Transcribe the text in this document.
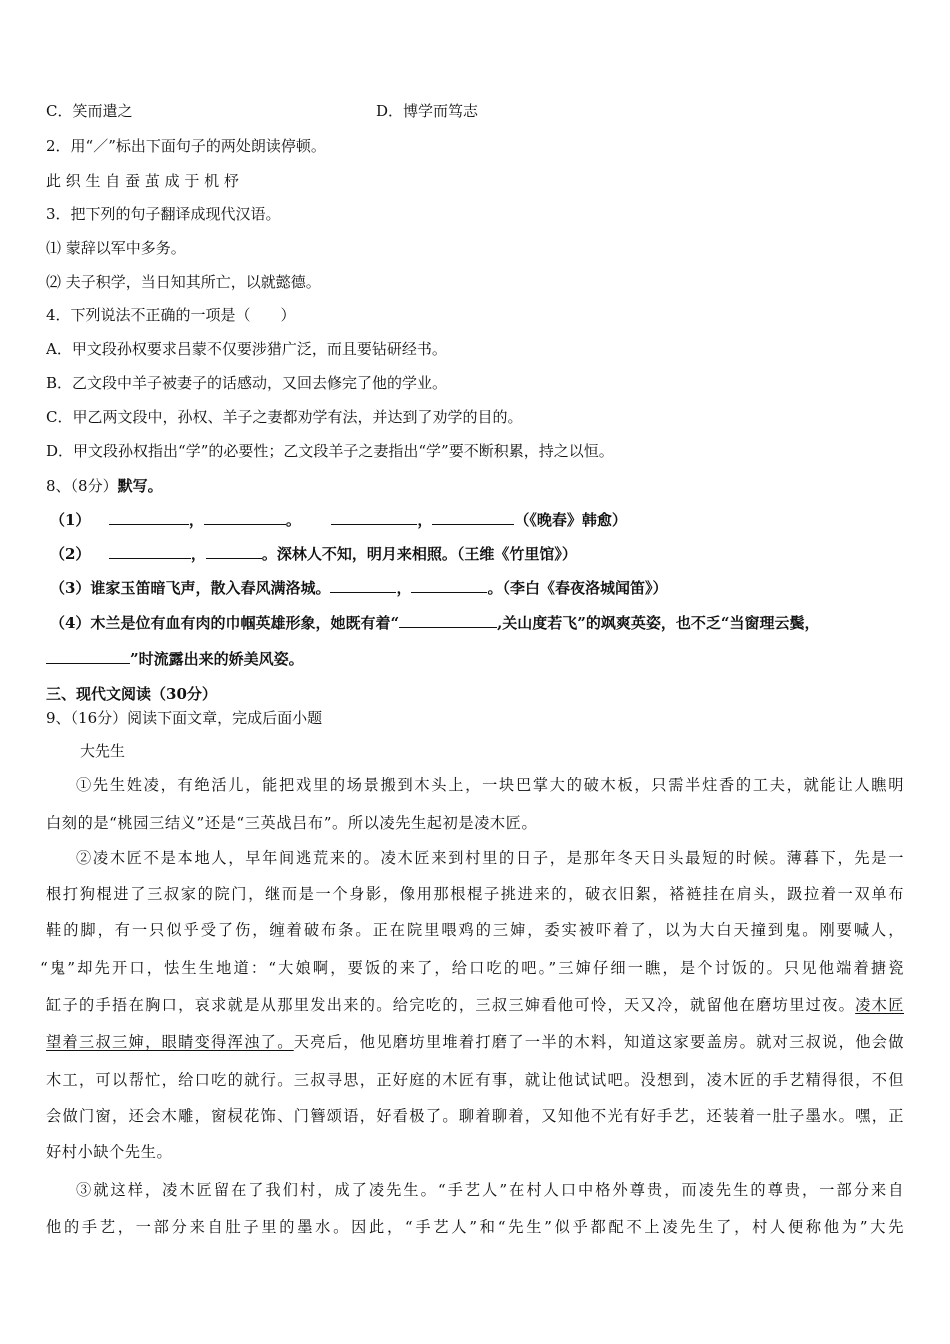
C．笑而遣之	D．博学而笃志
2．用“／”标出下面句子的两处朗读停顿。
此 织 生 自 蚕 茧 成 于 机 杼
3．把下列的句子翻译成现代汉语。
⑴ 蒙辞以军中多务。
⑵ 夫子积学，当日知其所亡，以就懿德。
4．下列说法不正确的一项是（　　）
A．甲文段孙权要求吕蒙不仅要涉猎广泛，而且要钻研经书。
B．乙文段中羊子被妻子的话感动，又回去修完了他的学业。
C．甲乙两文段中，孙权、羊子之妻都劝学有法，并达到了劝学的目的。
D．甲文段孙权指出“学”的必要性；乙文段羊子之妻指出“学”要不断积累，持之以恒。
8、（8分）默写。
（1）	，	。	，	（《晚春》韩愈）
（2）	，	。深林人不知，明月来相照。（王维《竹里馆》）
（3）谁家玉笛暗飞声，散入春风满洛城。	，	。（李白《春夜洛城闻笛》）
（4）木兰是位有血有肉的巾帼英雄形象，她既有着“	,关山度若飞”的飒爽英姿，也不乏“当窗理云鬓，
”时流露出来的娇美风姿。
三、现代文阅读（30分）
9、（16分）阅读下面文章，完成后面小题
大先生
①先生姓凌，有绝活儿，能把戏里的场景搬到木头上，一块巴掌大的破木板，只需半炷香的工夫，就能让人瞧明
白刻的是“桃园三结义”还是“三英战吕布”。所以凌先生起初是凌木匠。
②凌木匠不是本地人，早年间逃荒来的。凌木匠来到村里的日子，是那年冬天日头最短的时候。薄暮下，先是一
根打狗棍进了三叔家的院门，继而是一个身影，像用那根棍子挑进来的，破衣旧絮，褡裢挂在肩头，趿拉着一双单布
鞋的脚，有一只似乎受了伤，缠着破布条。正在院里喂鸡的三婶，委实被吓着了，以为大白天撞到鬼。刚要喊人，
“鬼”却先开口，怯生生地道：“大娘啊，要饭的来了，给口吃的吧。”三婶仔细一瞧，是个讨饭的。只见他端着搪瓷
缸子的手捂在胸口，哀求就是从那里发出来的。给完吃的，三叔三婶看他可怜，天又冷，就留他在磨坊里过夜。凌木匠
望着三叔三婶，眼睛变得浑浊了。天亮后，他见磨坊里堆着打磨了一半的木料，知道这家要盖房。就对三叔说，他会做
木工，可以帮忙，给口吃的就行。三叔寻思，正好庭的木匠有事，就让他试试吧。没想到，凌木匠的手艺精得很，不但
会做门窗，还会木雕，窗棂花饰、门簪颂语，好看极了。聊着聊着，又知他不光有好手艺，还装着一肚子墨水。嘿，正
好村小缺个先生。
③就这样，凌木匠留在了我们村，成了凌先生。“手艺人”在村人口中格外尊贵，而凌先生的尊贵，一部分来自
他的手艺，一部分来自肚子里的墨水。因此，“手艺人”和“先生”似乎都配不上凌先生了，村人便称他为”大先
